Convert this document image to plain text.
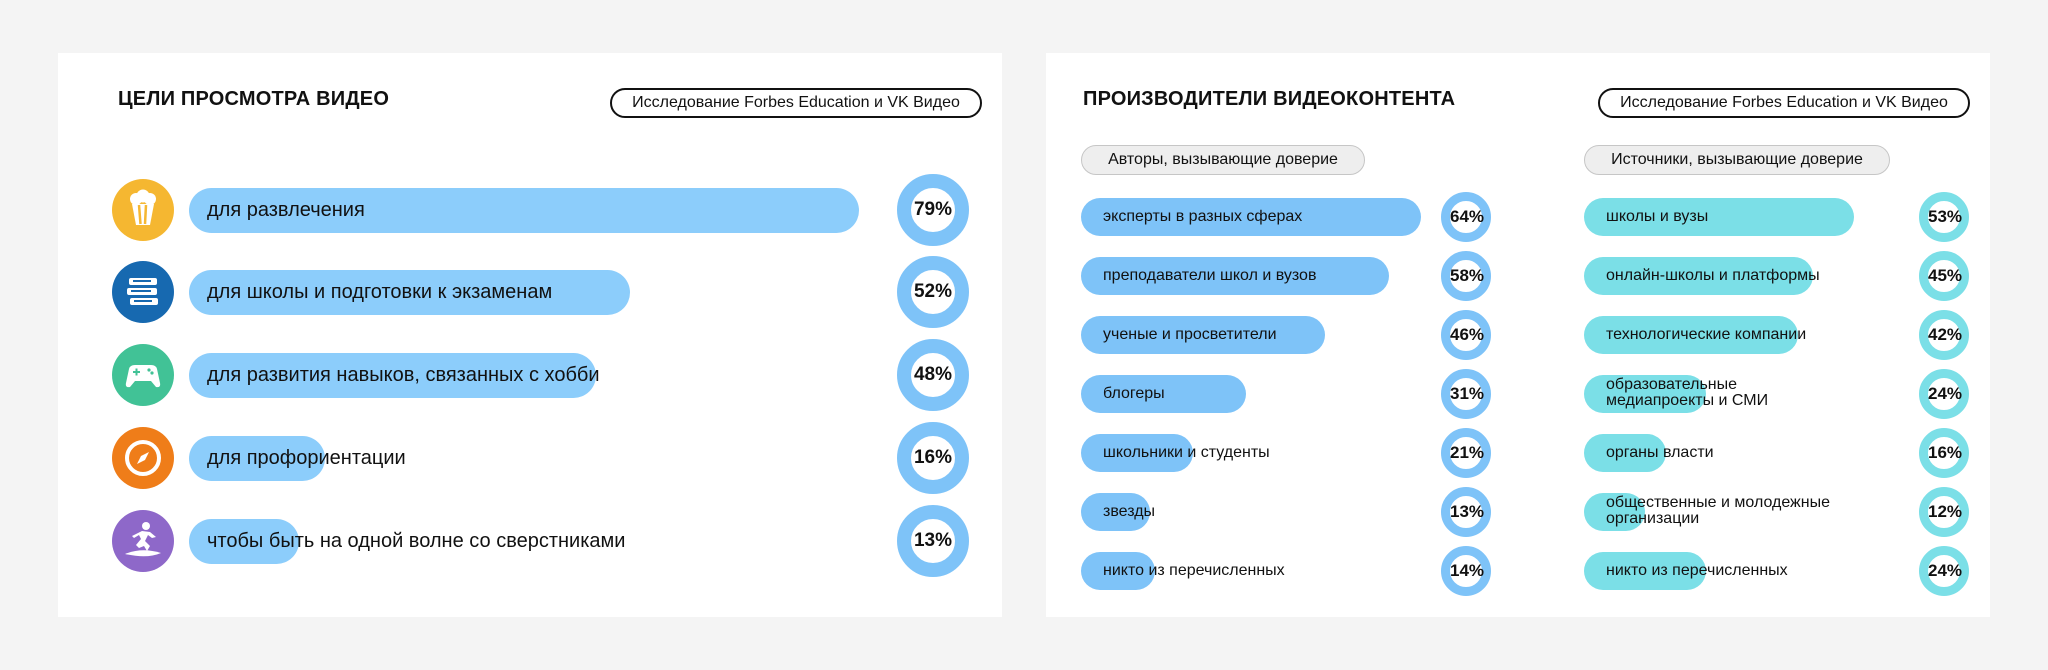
ЦЕЛИ ПРОСМОТРА ВИДЕО	Исследование Forbes Education и VK Видео	ПРОИЗВОДИТЕЛИ ВИДЕОКОНТЕНТА	Исследование Forbes Education и VK Видео
Авторы, вызывающие доверие	Источники, вызывающие доверие
для развлечения	79%
для школы и подготовки к экзаменам	52%
для развития навыков, связанных с хобби	48%
для профориентации	16%
чтобы быть на одной волне со сверстниками	13%
эксперты в разных сферах	64%
преподаватели школ и вузов	58%
ученые и просветители	46%
блогеры	31%
школьники и студенты	21%
звезды	13%
никто из перечисленных	14%
школы и вузы	53%
онлайн-школы и платформы	45%
технологические компании	42%
образовательные
медиапроекты и СМИ	24%
органы власти	16%
общественные и молодежные
организации	12%
никто из перечисленных	24%
